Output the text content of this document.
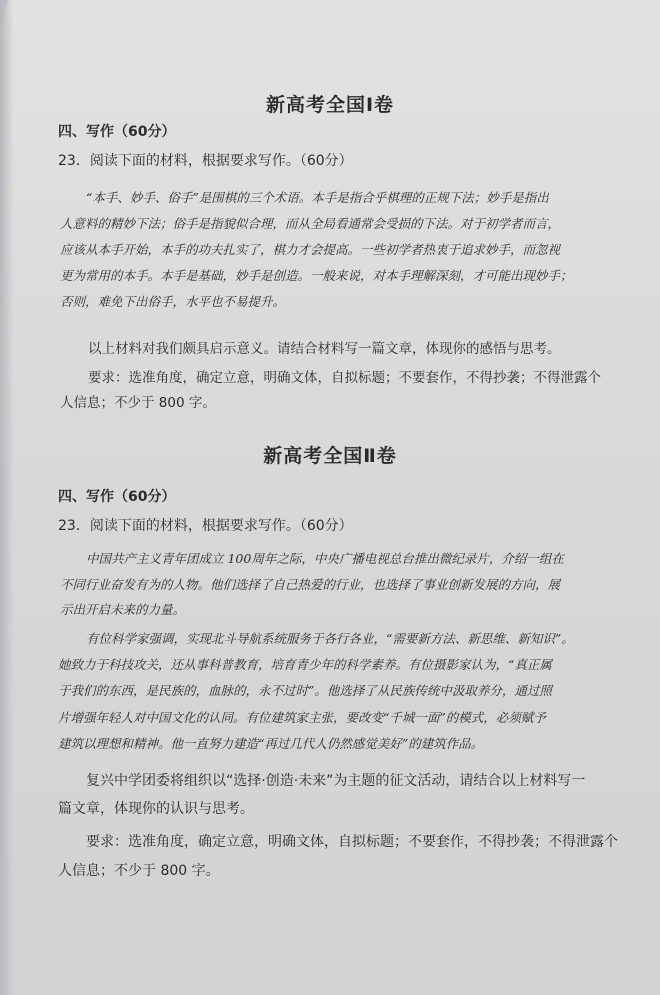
新高考全国Ⅰ卷
四、写作（60分）
23．阅读下面的材料，根据要求写作。（60分）
“本手、妙手、俗手”是围棋的三个术语。本手是指合乎棋理的正规下法；妙手是指出
人意料的精妙下法；俗手是指貌似合理，而从全局看通常会受损的下法。对于初学者而言，
应该从本手开始，本手的功夫扎实了，棋力才会提高。一些初学者热衷于追求妙手，而忽视
更为常用的本手。本手是基础，妙手是创造。一般来说，对本手理解深刻，才可能出现妙手；
否则，难免下出俗手，水平也不易提升。
以上材料对我们颇具启示意义。请结合材料写一篇文章，体现你的感悟与思考。
要求：选准角度，确定立意，明确文体，自拟标题；不要套作，不得抄袭；不得泄露个
人信息；不少于 800 字。
新高考全国Ⅱ卷
四、写作（60分）
23．阅读下面的材料，根据要求写作。（60分）
中国共产主义青年团成立 100周年之际，中央广播电视总台推出微纪录片，介绍一组在
不同行业奋发有为的人物。他们选择了自己热爱的行业，也选择了事业创新发展的方向，展
示出开启未来的力量。
有位科学家强调，实现北斗导航系统服务于各行各业，“需要新方法、新思维、新知识”。
她致力于科技攻关，还从事科普教育，培育青少年的科学素养。有位摄影家认为，“真正属
于我们的东西，是民族的，血脉的，永不过时”。他选择了从民族传统中汲取养分，通过照
片增强年轻人对中国文化的认同。有位建筑家主张，要改变“千城一面”的模式，必须赋予
建筑以理想和精神。他一直努力建造“再过几代人仍然感觉美好”的建筑作品。
复兴中学团委将组织以“选择·创造·未来”为主题的征文活动，请结合以上材料写一
篇文章，体现你的认识与思考。
要求：选准角度，确定立意，明确文体，自拟标题；不要套作，不得抄袭；不得泄露个
人信息；不少于 800 字。
